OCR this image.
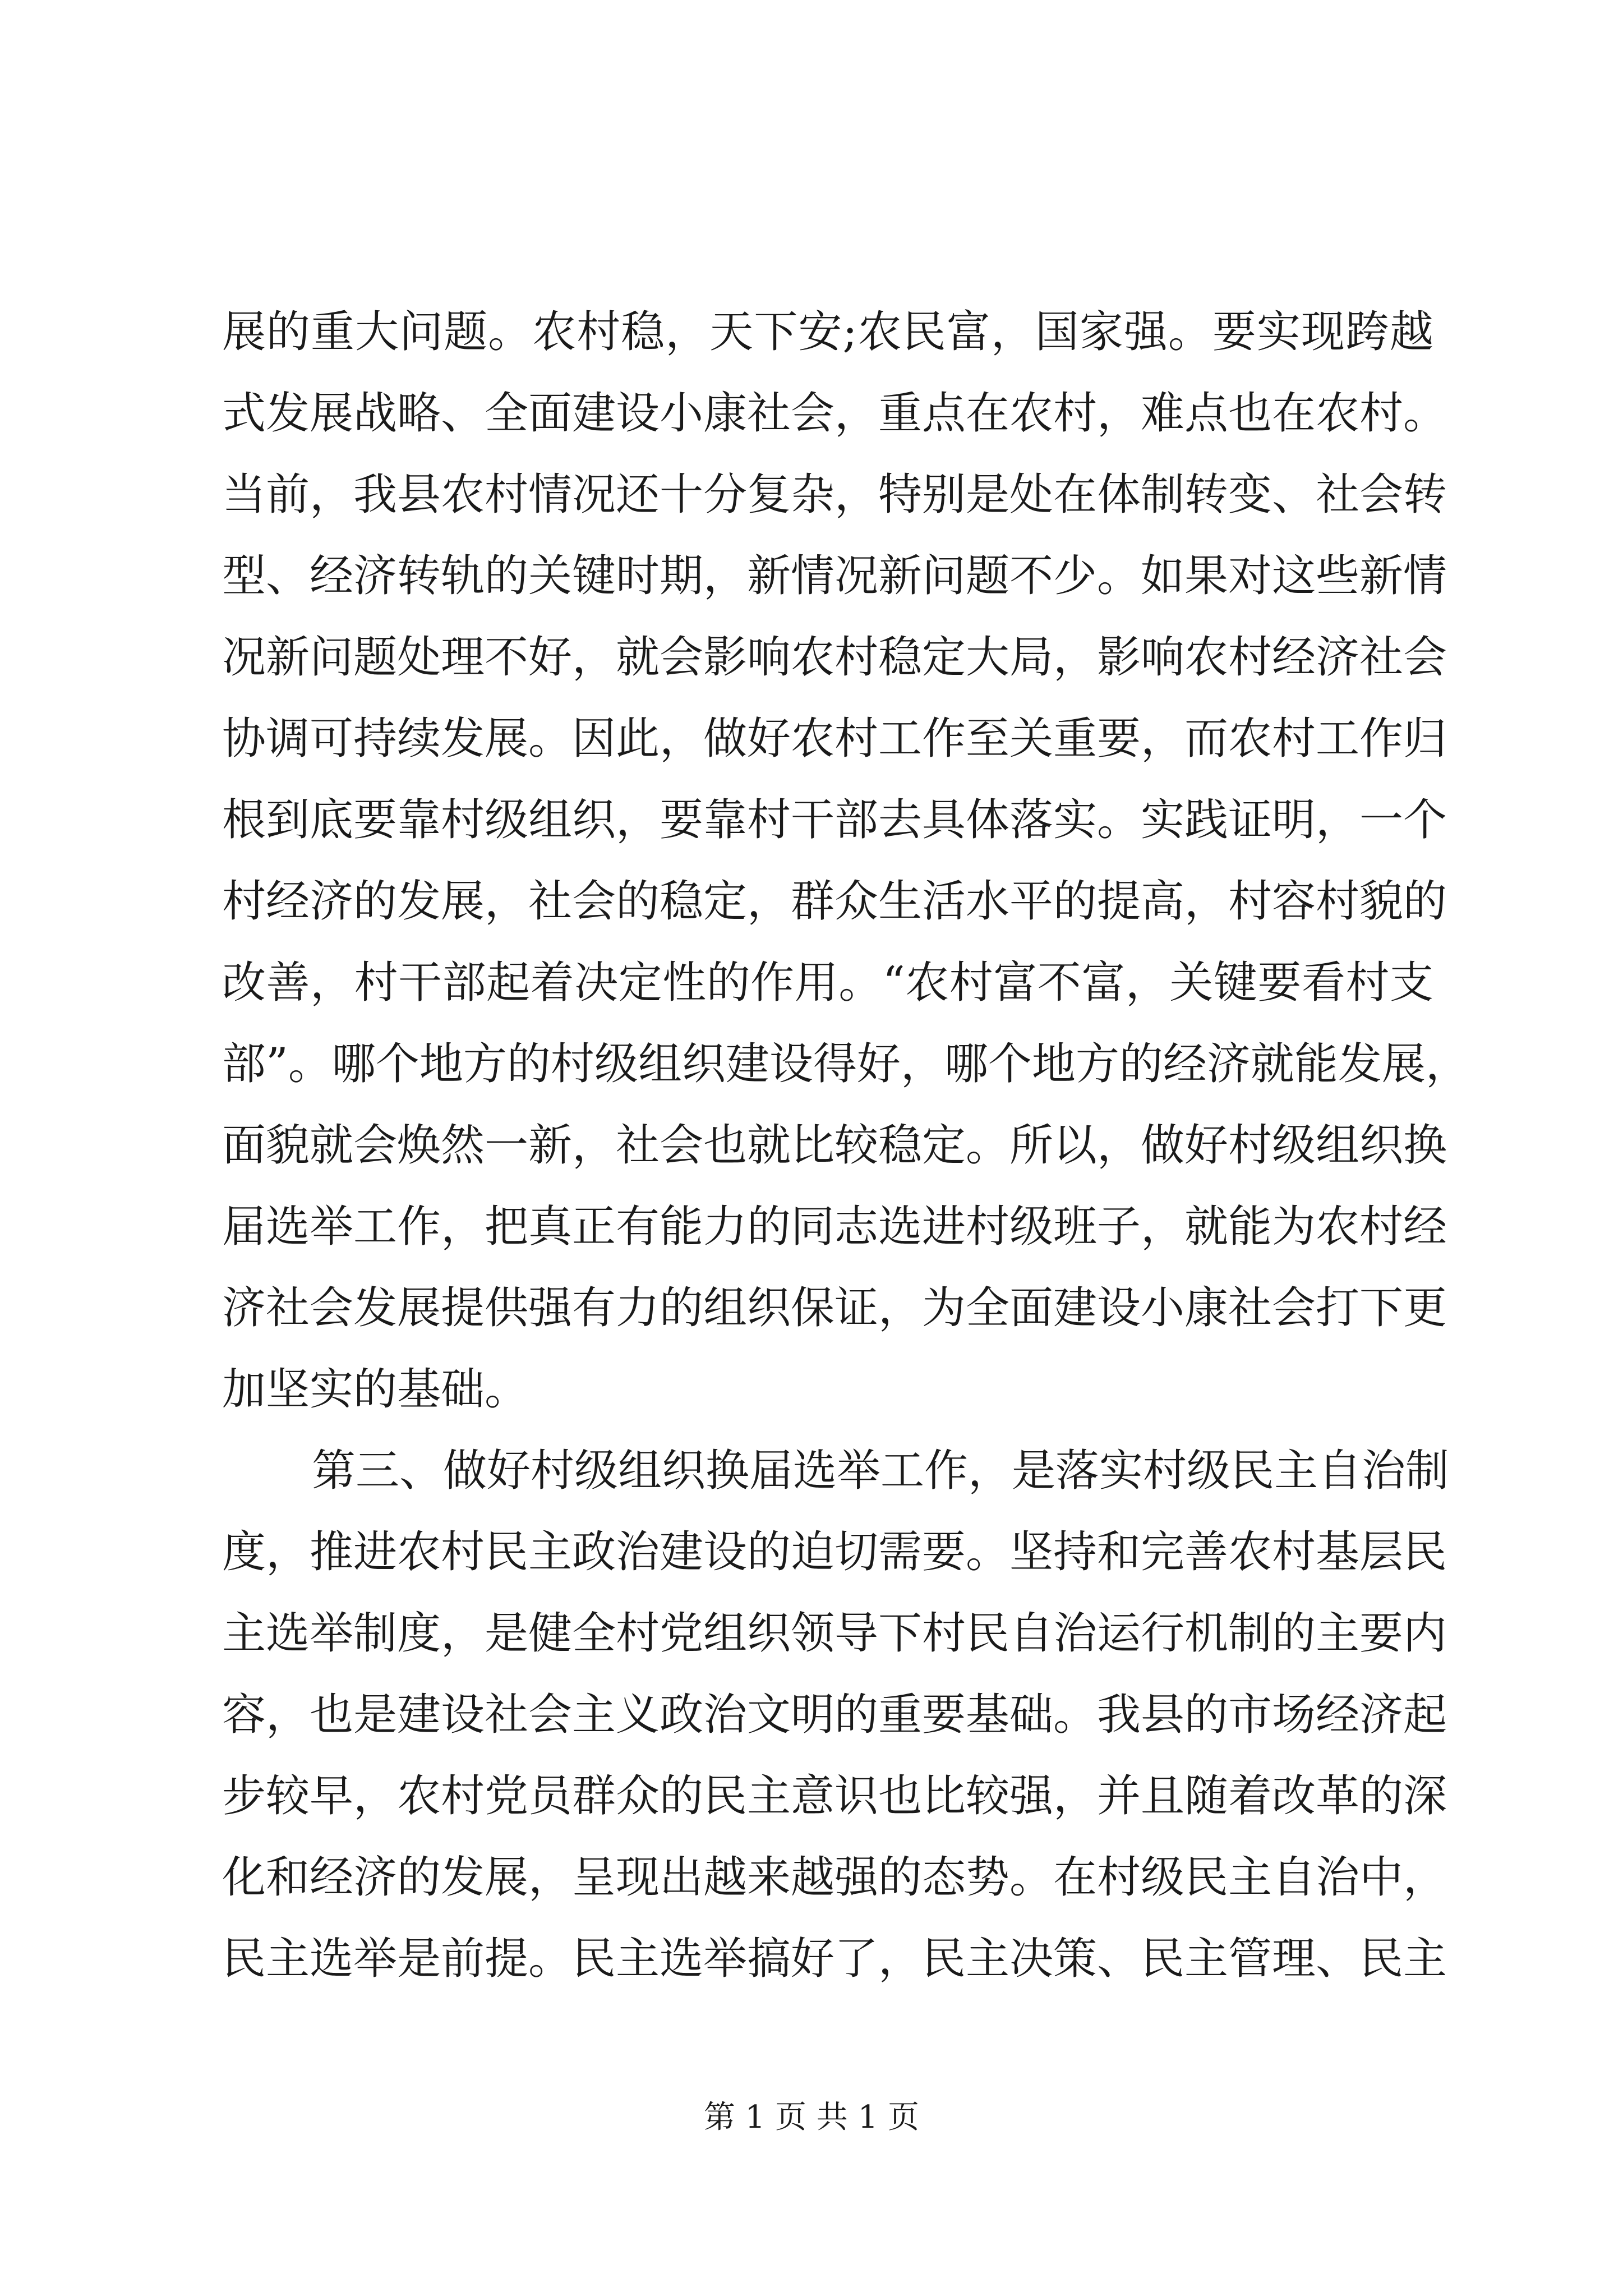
展的重大问题。农村稳，天下安;农民富，国家强。要实现跨越
式发展战略、全面建设小康社会，重点在农村，难点也在农村。
当前，我县农村情况还十分复杂，特别是处在体制转变、社会转
型、经济转轨的关键时期，新情况新问题不少。如果对这些新情
况新问题处理不好，就会影响农村稳定大局，影响农村经济社会
协调可持续发展。因此，做好农村工作至关重要，而农村工作归
根到底要靠村级组织，要靠村干部去具体落实。实践证明，一个
村经济的发展，社会的稳定，群众生活水平的提高，村容村貌的
改善，村干部起着决定性的作用。“农村富不富，关键要看村支
部”。哪个地方的村级组织建设得好，哪个地方的经济就能发展，
面貌就会焕然一新，社会也就比较稳定。所以，做好村级组织换
届选举工作，把真正有能力的同志选进村级班子，就能为农村经
济社会发展提供强有力的组织保证，为全面建设小康社会打下更
加坚实的基础。
第三、做好村级组织换届选举工作，是落实村级民主自治制
度，推进农村民主政治建设的迫切需要。坚持和完善农村基层民
主选举制度，是健全村党组织领导下村民自治运行机制的主要内
容，也是建设社会主义政治文明的重要基础。我县的市场经济起
步较早，农村党员群众的民主意识也比较强，并且随着改革的深
化和经济的发展，呈现出越来越强的态势。在村级民主自治中，
民主选举是前提。民主选举搞好了，民主决策、民主管理、民主
第 1 页 共 1 页
